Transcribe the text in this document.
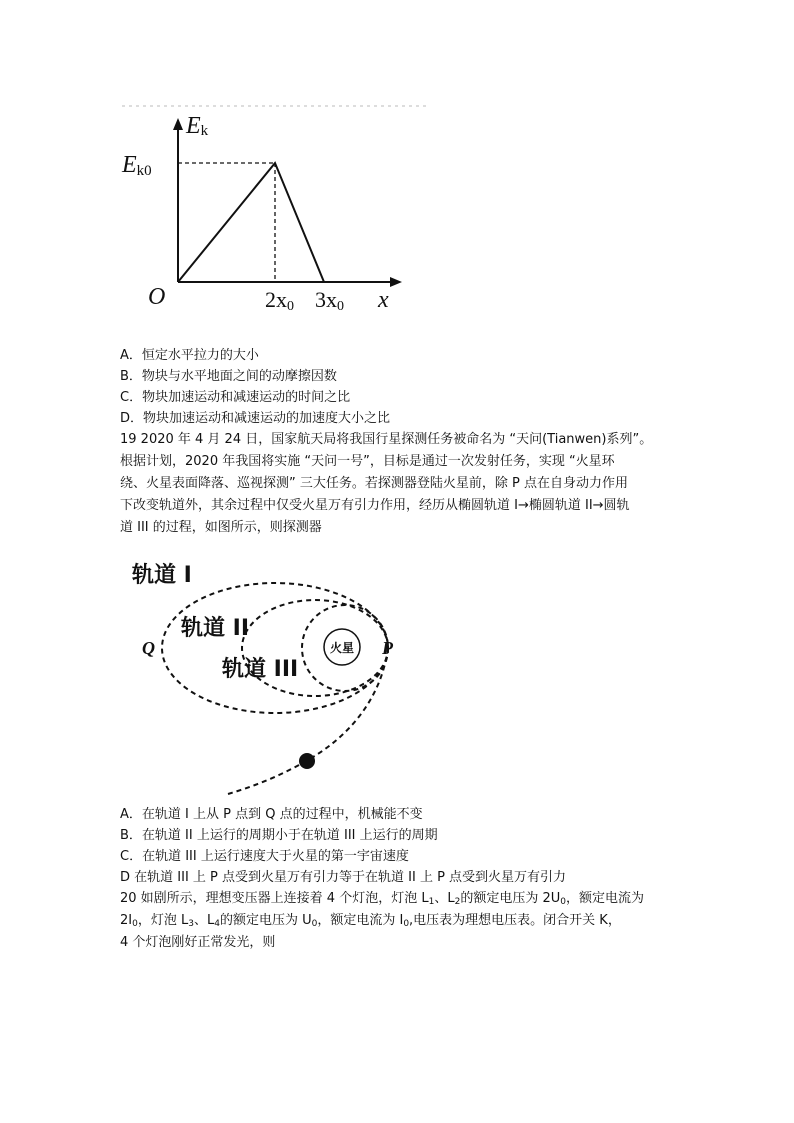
Ek
Ek0
O	x
2x0 3x0
A．恒定水平拉力的大小
B．物块与水平地面之间的动摩擦因数
C．物块加速运动和减速运动的时间之比
D．物块加速运动和减速运动的加速度大小之比
19 2020 年 4 月 24 日，国家航天局将我国行星探测任务被命名为 “天问(Tianwen)系列”。
根据计划，2020 年我国将实施 “天问一号”，目标是通过一次发射任务，实现 “火星环
绕、火星表面降落、巡视探测” 三大任务。若探测器登陆火星前，除 P 点在自身动力作用
下改变轨道外，其余过程中仅受火星万有引力作用，经历从椭圆轨道 I→椭圆轨道 II→圆轨
道 III 的过程，如图所示，则探测器
火星
轨道 I
轨道 II
轨道 III
Q	P
A．在轨道 I 上从 P 点到 Q 点的过程中，机械能不变
B．在轨道 II 上运行的周期小于在轨道 III 上运行的周期
C．在轨道 III 上运行速度大于火星的第一宇宙速度
D 在轨道 III 上 P 点受到火星万有引力等于在轨道 II 上 P 点受到火星万有引力
20 如剧所示，理想变压器上连接着 4 个灯泡，灯泡 $L_1$、$L_2$的额定电压为 $2U_0$，额定电流为
$2I_0$，灯泡 $L_3$、$L_4$的额定电压为 $U_0$，额定电流为 $I_0$,电压表为理想电压表。闭合开关 K，
4 个灯泡刚好正常发光，则
